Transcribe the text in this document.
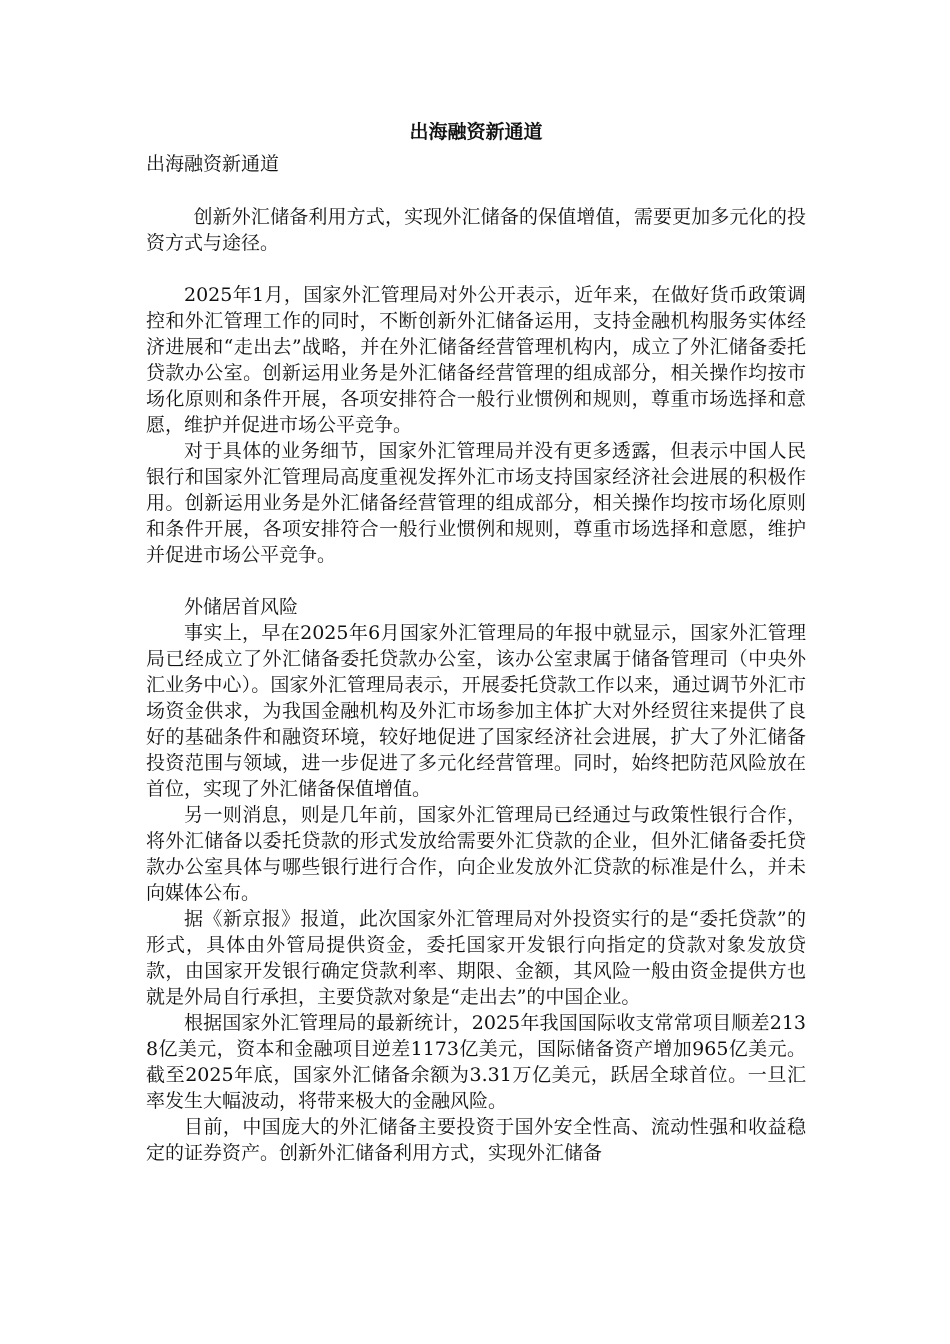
出海融资新通道
出海融资新通道

创新外汇储备利用方式，实现外汇储备的保值增值，需要更加多元化的投资方式与途径。

2025年1月，国家外汇管理局对外公开表示，近年来，在做好货币政策调控和外汇管理工作的同时，不断创新外汇储备运用，支持金融机构服务实体经济进展和“走出去”战略，并在外汇储备经营管理机构内，成立了外汇储备委托贷款办公室。创新运用业务是外汇储备经营管理的组成部分，相关操作均按市场化原则和条件开展，各项安排符合一般行业惯例和规则，尊重市场选择和意愿，维护并促进市场公平竞争。

对于具体的业务细节，国家外汇管理局并没有更多透露，但表示中国人民银行和国家外汇管理局高度重视发挥外汇市场支持国家经济社会进展的积极作用。创新运用业务是外汇储备经营管理的组成部分，相关操作均按市场化原则和条件开展，各项安排符合一般行业惯例和规则，尊重市场选择和意愿，维护并促进市场公平竞争。

外储居首风险

事实上，早在2025年6月国家外汇管理局的年报中就显示，国家外汇管理局已经成立了外汇储备委托贷款办公室，该办公室隶属于储备管理司（中央外汇业务中心）。国家外汇管理局表示，开展委托贷款工作以来，通过调节外汇市场资金供求，为我国金融机构及外汇市场参加主体扩大对外经贸往来提供了良好的基础条件和融资环境，较好地促进了国家经济社会进展，扩大了外汇储备投资范围与领域，进一步促进了多元化经营管理。同时，始终把防范风险放在首位，实现了外汇储备保值增值。

另一则消息，则是几年前，国家外汇管理局已经通过与政策性银行合作，将外汇储备以委托贷款的形式发放给需要外汇贷款的企业，但外汇储备委托贷款办公室具体与哪些银行进行合作，向企业发放外汇贷款的标准是什么，并未向媒体公布。

据《新京报》报道，此次国家外汇管理局对外投资实行的是“委托贷款”的形式，具体由外管局提供资金，委托国家开发银行向指定的贷款对象发放贷款，由国家开发银行确定贷款利率、期限、金额，其风险一般由资金提供方也就是外局自行承担，主要贷款对象是“走出去”的中国企业。

根据国家外汇管理局的最新统计，2025年我国国际收支常常项目顺差2138亿美元，资本和金融项目逆差1173亿美元，国际储备资产增加965亿美元。截至2025年底，国家外汇储备余额为3.31万亿美元，跃居全球首位。一旦汇率发生大幅波动，将带来极大的金融风险。

目前，中国庞大的外汇储备主要投资于国外安全性高、流动性强和收益稳定的证券资产。创新外汇储备利用方式，实现外汇储备
